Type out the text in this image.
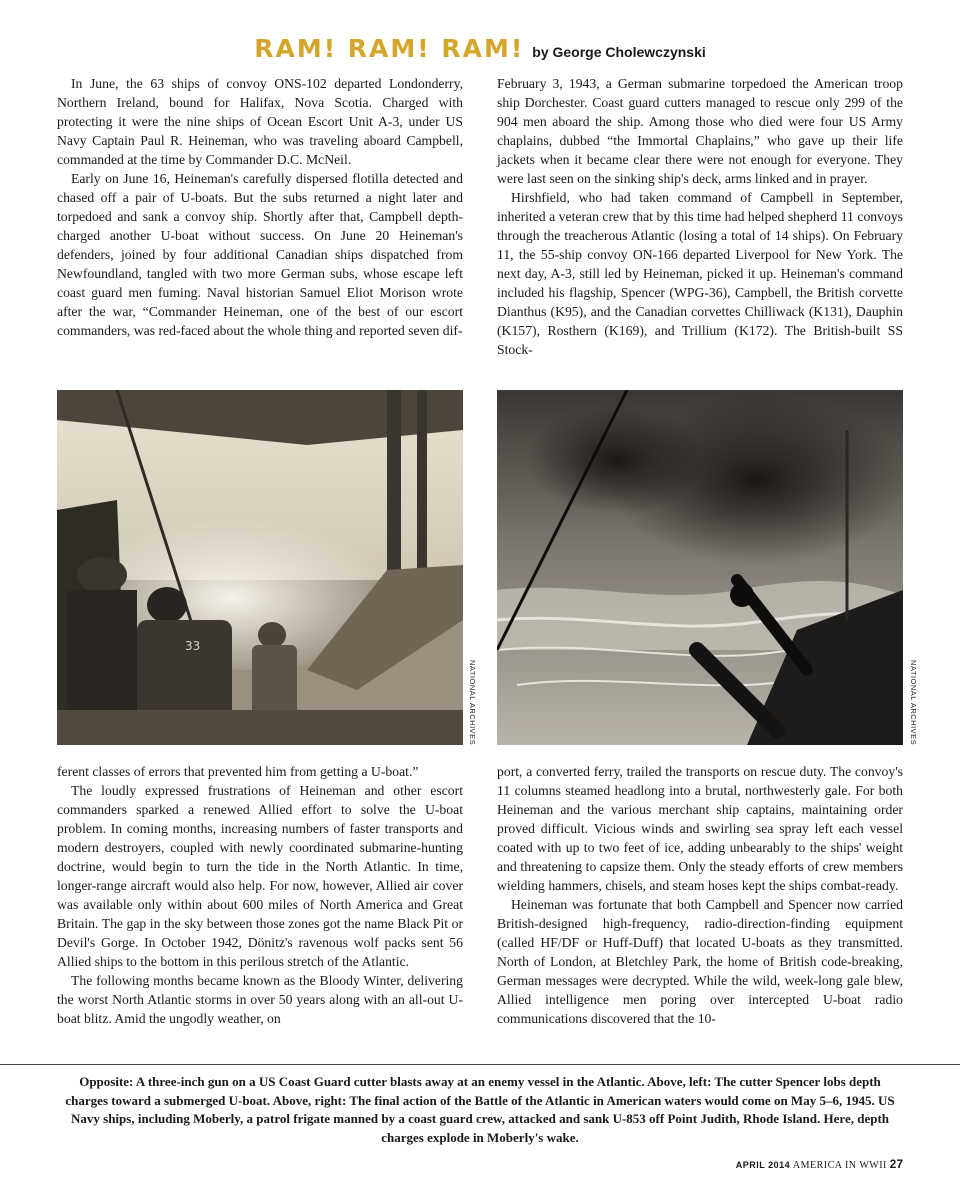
RAM! RAM! RAM! by George Cholewczynski

In June, the 63 ships of convoy ONS-102 departed Londonderry, Northern Ireland, bound for Halifax, Nova Scotia. Charged with protecting it were the nine ships of Ocean Escort Unit A-3, under US Navy Captain Paul R. Heineman, who was traveling aboard Campbell, commanded at the time by Commander D.C. McNeil.

Early on June 16, Heineman's carefully dispersed flotilla detected and chased off a pair of U-boats. But the subs returned a night later and torpedoed and sank a convoy ship. Shortly after that, Campbell depth-charged another U-boat without success. On June 20 Heineman's defenders, joined by four additional Canadian ships dispatched from Newfoundland, tangled with two more German subs, whose escape left coast guard men fuming. Naval historian Samuel Eliot Morison wrote after the war, “Commander Heineman, one of the best of our escort commanders, was red-faced about the whole thing and reported seven dif-

February 3, 1943, a German submarine torpedoed the American troop ship Dorchester. Coast guard cutters managed to rescue only 299 of the 904 men aboard the ship. Among those who died were four US Army chaplains, dubbed “the Immortal Chaplains,” who gave up their life jackets when it became clear there were not enough for everyone. They were last seen on the sinking ship's deck, arms linked and in prayer.

Hirshfield, who had taken command of Campbell in September, inherited a veteran crew that by this time had helped shepherd 11 convoys through the treacherous Atlantic (losing a total of 14 ships). On February 11, the 55-ship convoy ON-166 departed Liverpool for New York. The next day, A-3, still led by Heineman, picked it up. Heineman's command included his flagship, Spencer (WPG-36), Campbell, the British corvette Dianthus (K95), and the Canadian corvettes Chilliwack (K131), Dauphin (K157), Rosthern (K169), and Trillium (K172). The British-built SS Stock-

33
NATIONAL ARCHIVES	NATIONAL ARCHIVES

ferent classes of errors that prevented him from getting a U-boat.”

The loudly expressed frustrations of Heineman and other escort commanders sparked a renewed Allied effort to solve the U-boat problem. In coming months, increasing numbers of faster transports and modern destroyers, coupled with newly coordinated submarine-hunting doctrine, would begin to turn the tide in the North Atlantic. In time, longer-range aircraft would also help. For now, however, Allied air cover was available only within about 600 miles of North America and Great Britain. The gap in the sky between those zones got the name Black Pit or Devil's Gorge. In October 1942, Dönitz's ravenous wolf packs sent 56 Allied ships to the bottom in this perilous stretch of the Atlantic.

The following months became known as the Bloody Winter, delivering the worst North Atlantic storms in over 50 years along with an all-out U-boat blitz. Amid the ungodly weather, on

port, a converted ferry, trailed the transports on rescue duty. The convoy's 11 columns steamed headlong into a brutal, northwesterly gale. For both Heineman and the various merchant ship captains, maintaining order proved difficult. Vicious winds and swirling sea spray left each vessel coated with up to two feet of ice, adding unbearably to the ships' weight and threatening to capsize them. Only the steady efforts of crew members wielding hammers, chisels, and steam hoses kept the ships combat-ready.

Heineman was fortunate that both Campbell and Spencer now carried British-designed high-frequency, radio-direction-finding equipment (called HF/DF or Huff-Duff) that located U-boats as they transmitted. North of London, at Bletchley Park, the home of British code-breaking, German messages were decrypted. While the wild, week-long gale blew, Allied intelligence men poring over intercepted U-boat radio communications discovered that the 10-

Opposite: A three-inch gun on a US Coast Guard cutter blasts away at an enemy vessel in the Atlantic. Above, left: The cutter Spencer lobs depth charges toward a submerged U-boat. Above, right: The final action of the Battle of the Atlantic in American waters would come on May 5–6, 1945. US Navy ships, including Moberly, a patrol frigate manned by a coast guard crew, attacked and sank U-853 off Point Judith, Rhode Island. Here, depth charges explode in Moberly's wake.
APRIL 2014 AMERICA IN WWII 27
